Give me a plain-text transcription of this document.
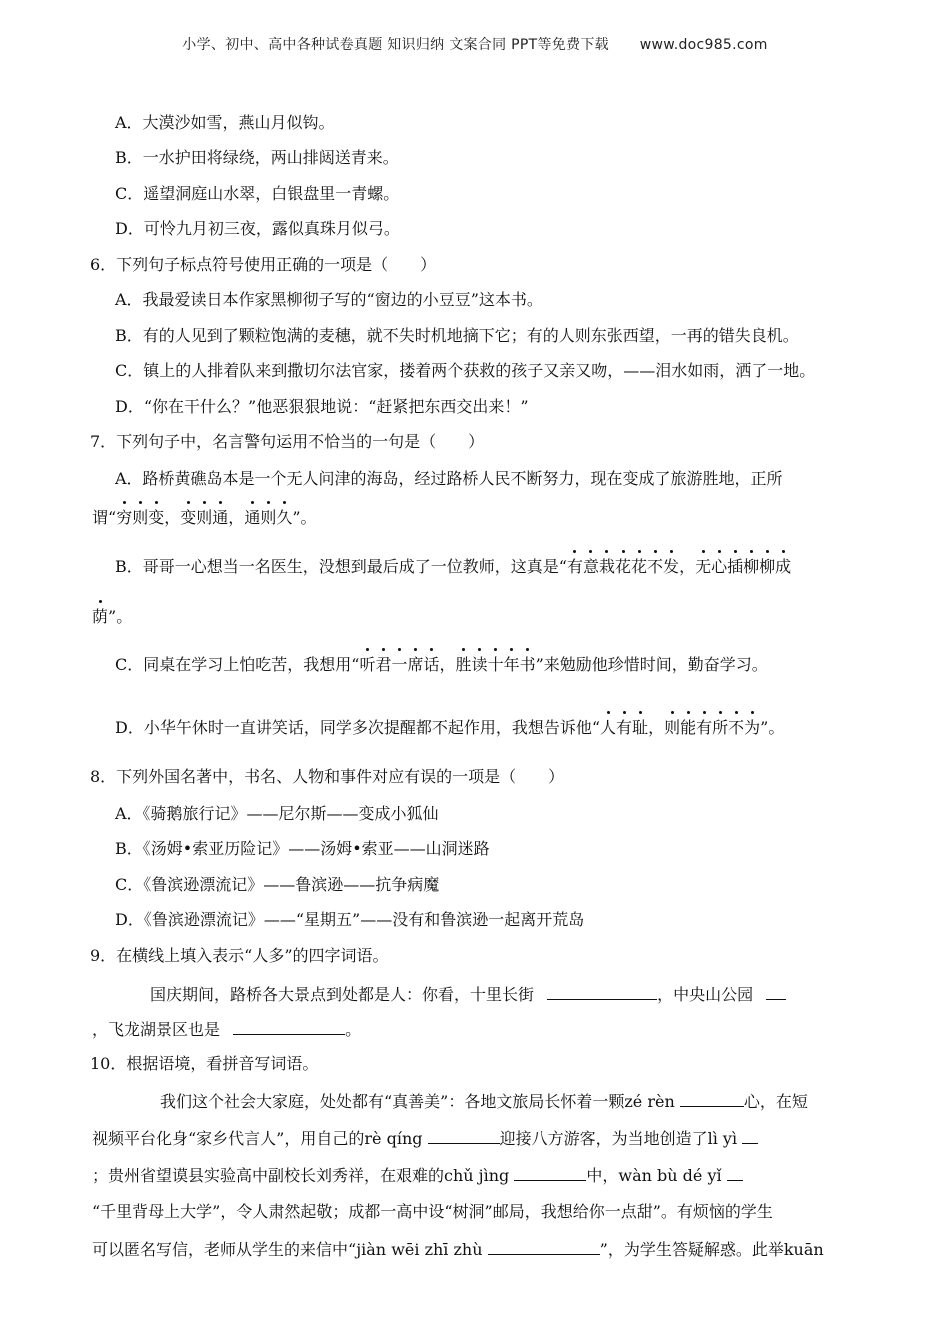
小学、初中、高中各种试卷真题 知识归纳 文案合同 PPT等免费下载 www.doc985.com
A．大漠沙如雪，燕山月似钩。
B．一水护田将绿绕，两山排闼送青来。
C．遥望洞庭山水翠，白银盘里一青螺。
D．可怜九月初三夜，露似真珠月似弓。
6．下列句子标点符号使用正确的一项是（　　）
A．我最爱读日本作家黑柳彻子写的“窗边的小豆豆”这本书。
B．有的人见到了颗粒饱满的麦穗，就不失时机地摘下它；有的人则东张西望，一再的错失良机。
C．镇上的人排着队来到撒切尔法官家，搂着两个获救的孩子又亲又吻，——泪水如雨，洒了一地。
D．“你在干什么？”他恶狠狠地说：“赶紧把东西交出来！”
7．下列句子中，名言警句运用不恰当的一句是（　　）
A．路桥黄礁岛本是一个无人问津的海岛，经过路桥人民不断努力，现在变成了旅游胜地，正所
谓“穷则变，变则通，通则久”。
B．哥哥一心想当一名医生，没想到最后成了一位教师，这真是“有意栽花花不发，无心插柳柳成
荫”。
C．同桌在学习上怕吃苦，我想用“听君一席话，胜读十年书”来勉励他珍惜时间，勤奋学习。
D．小华午休时一直讲笑话，同学多次提醒都不起作用，我想告诉他“人有耻，则能有所不为”。
8．下列外国名著中，书名、人物和事件对应有误的一项是（　　）
A．《骑鹅旅行记》——尼尔斯——变成小狐仙
B．《汤姆•索亚历险记》——汤姆•索亚——山洞迷路
C．《鲁滨逊漂流记》——鲁滨逊——抗争病魔
D．《鲁滨逊漂流记》——“星期五”——没有和鲁滨逊一起离开荒岛
9．在横线上填入表示“人多”的四字词语。
国庆期间，路桥各大景点到处都是人：你看，十里长街	，中央山公园
，飞龙湖景区也是	。
10．根据语境，看拼音写词语。
我们这个社会大家庭，处处都有“真善美”：各地文旅局长怀着一颗zé rèn	心，在短
视频平台化身“家乡代言人”，用自己的rè qíng	迎接八方游客，为当地创造了lì yì
；贵州省望谟县实验高中副校长刘秀祥，在艰难的chǔ jìng	中，wàn bù dé yǐ
“千里背母上大学”，令人肃然起敬；成都一高中设“树洞”邮局，我想给你一点甜”。有烦恼的学生
可以匿名写信，老师从学生的来信中“jiàn wēi zhī zhù	”，为学生答疑解惑。此举kuān
